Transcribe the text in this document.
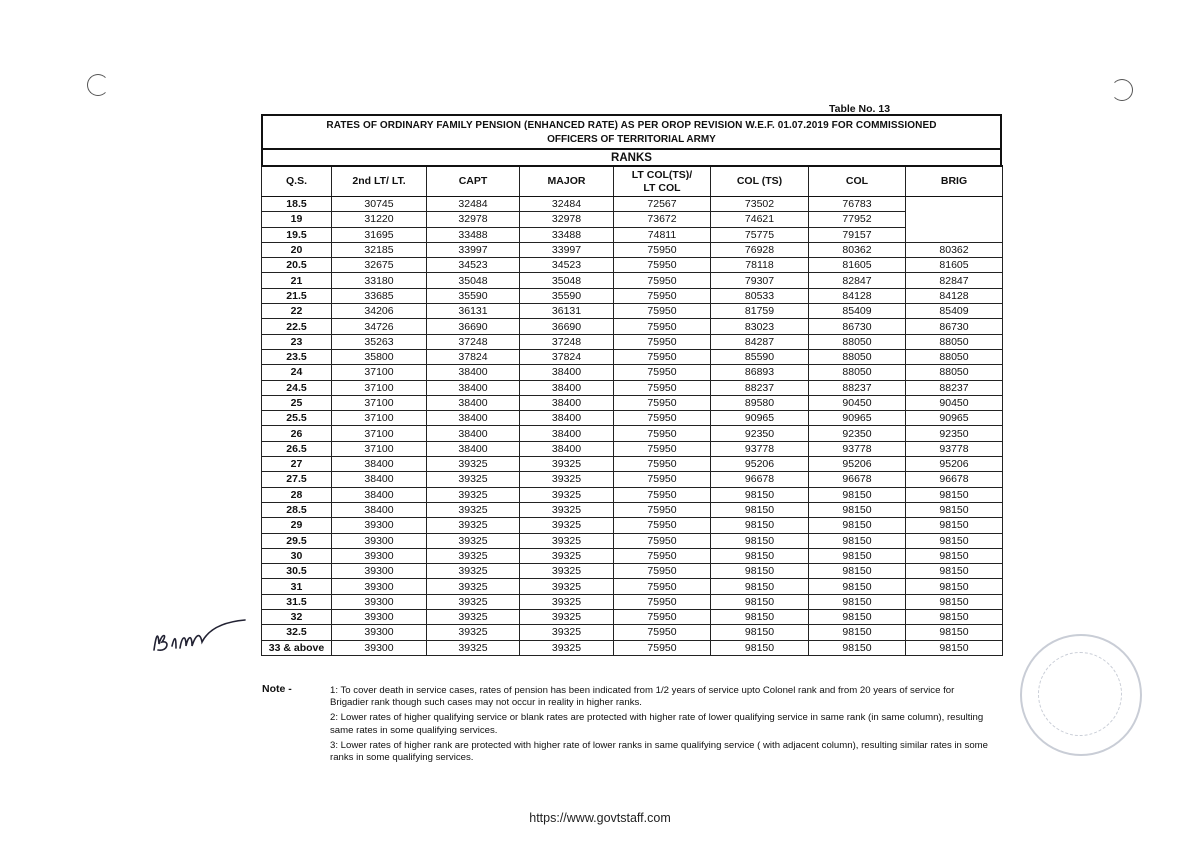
Table No. 13
RATES OF ORDINARY FAMILY PENSION (ENHANCED RATE) AS PER OROP REVISION W.E.F. 01.07.2019 FOR COMMISSIONED
OFFICERS OF TERRITORIAL ARMY
RANKS
Q.S.	2nd LT/ LT.	CAPT	MAJOR	LT COL(TS)/
LT COL	COL (TS)	COL	BRIG
18.5	30745	32484	32484	72567	73502	76783	
19	31220	32978	32978	73672	74621	77952	
19.5	31695	33488	33488	74811	75775	79157	
20	32185	33997	33997	75950	76928	80362	80362
20.5	32675	34523	34523	75950	78118	81605	81605
21	33180	35048	35048	75950	79307	82847	82847
21.5	33685	35590	35590	75950	80533	84128	84128
22	34206	36131	36131	75950	81759	85409	85409
22.5	34726	36690	36690	75950	83023	86730	86730
23	35263	37248	37248	75950	84287	88050	88050
23.5	35800	37824	37824	75950	85590	88050	88050
24	37100	38400	38400	75950	86893	88050	88050
24.5	37100	38400	38400	75950	88237	88237	88237
25	37100	38400	38400	75950	89580	90450	90450
25.5	37100	38400	38400	75950	90965	90965	90965
26	37100	38400	38400	75950	92350	92350	92350
26.5	37100	38400	38400	75950	93778	93778	93778
27	38400	39325	39325	75950	95206	95206	95206
27.5	38400	39325	39325	75950	96678	96678	96678
28	38400	39325	39325	75950	98150	98150	98150
28.5	38400	39325	39325	75950	98150	98150	98150
29	39300	39325	39325	75950	98150	98150	98150
29.5	39300	39325	39325	75950	98150	98150	98150
30	39300	39325	39325	75950	98150	98150	98150
30.5	39300	39325	39325	75950	98150	98150	98150
31	39300	39325	39325	75950	98150	98150	98150
31.5	39300	39325	39325	75950	98150	98150	98150
32	39300	39325	39325	75950	98150	98150	98150
32.5	39300	39325	39325	75950	98150	98150	98150
33 & above	39300	39325	39325	75950	98150	98150	98150
Note -	1: To cover death in service cases, rates of pension has been indicated from 1/2 years of service upto Colonel rank and from 20 years of service for Brigadier rank though such cases may not occur in reality in higher ranks.

2: Lower rates of higher qualifying service or blank rates are protected with higher rate of lower qualifying service in same rank (in same column), resulting same rates in some qualifying services.

3: Lower rates of higher rank are protected with higher rate of lower ranks in same qualifying service ( with adjacent column), resulting similar rates in some ranks in some qualifying services.

https://www.govtstaff.com
